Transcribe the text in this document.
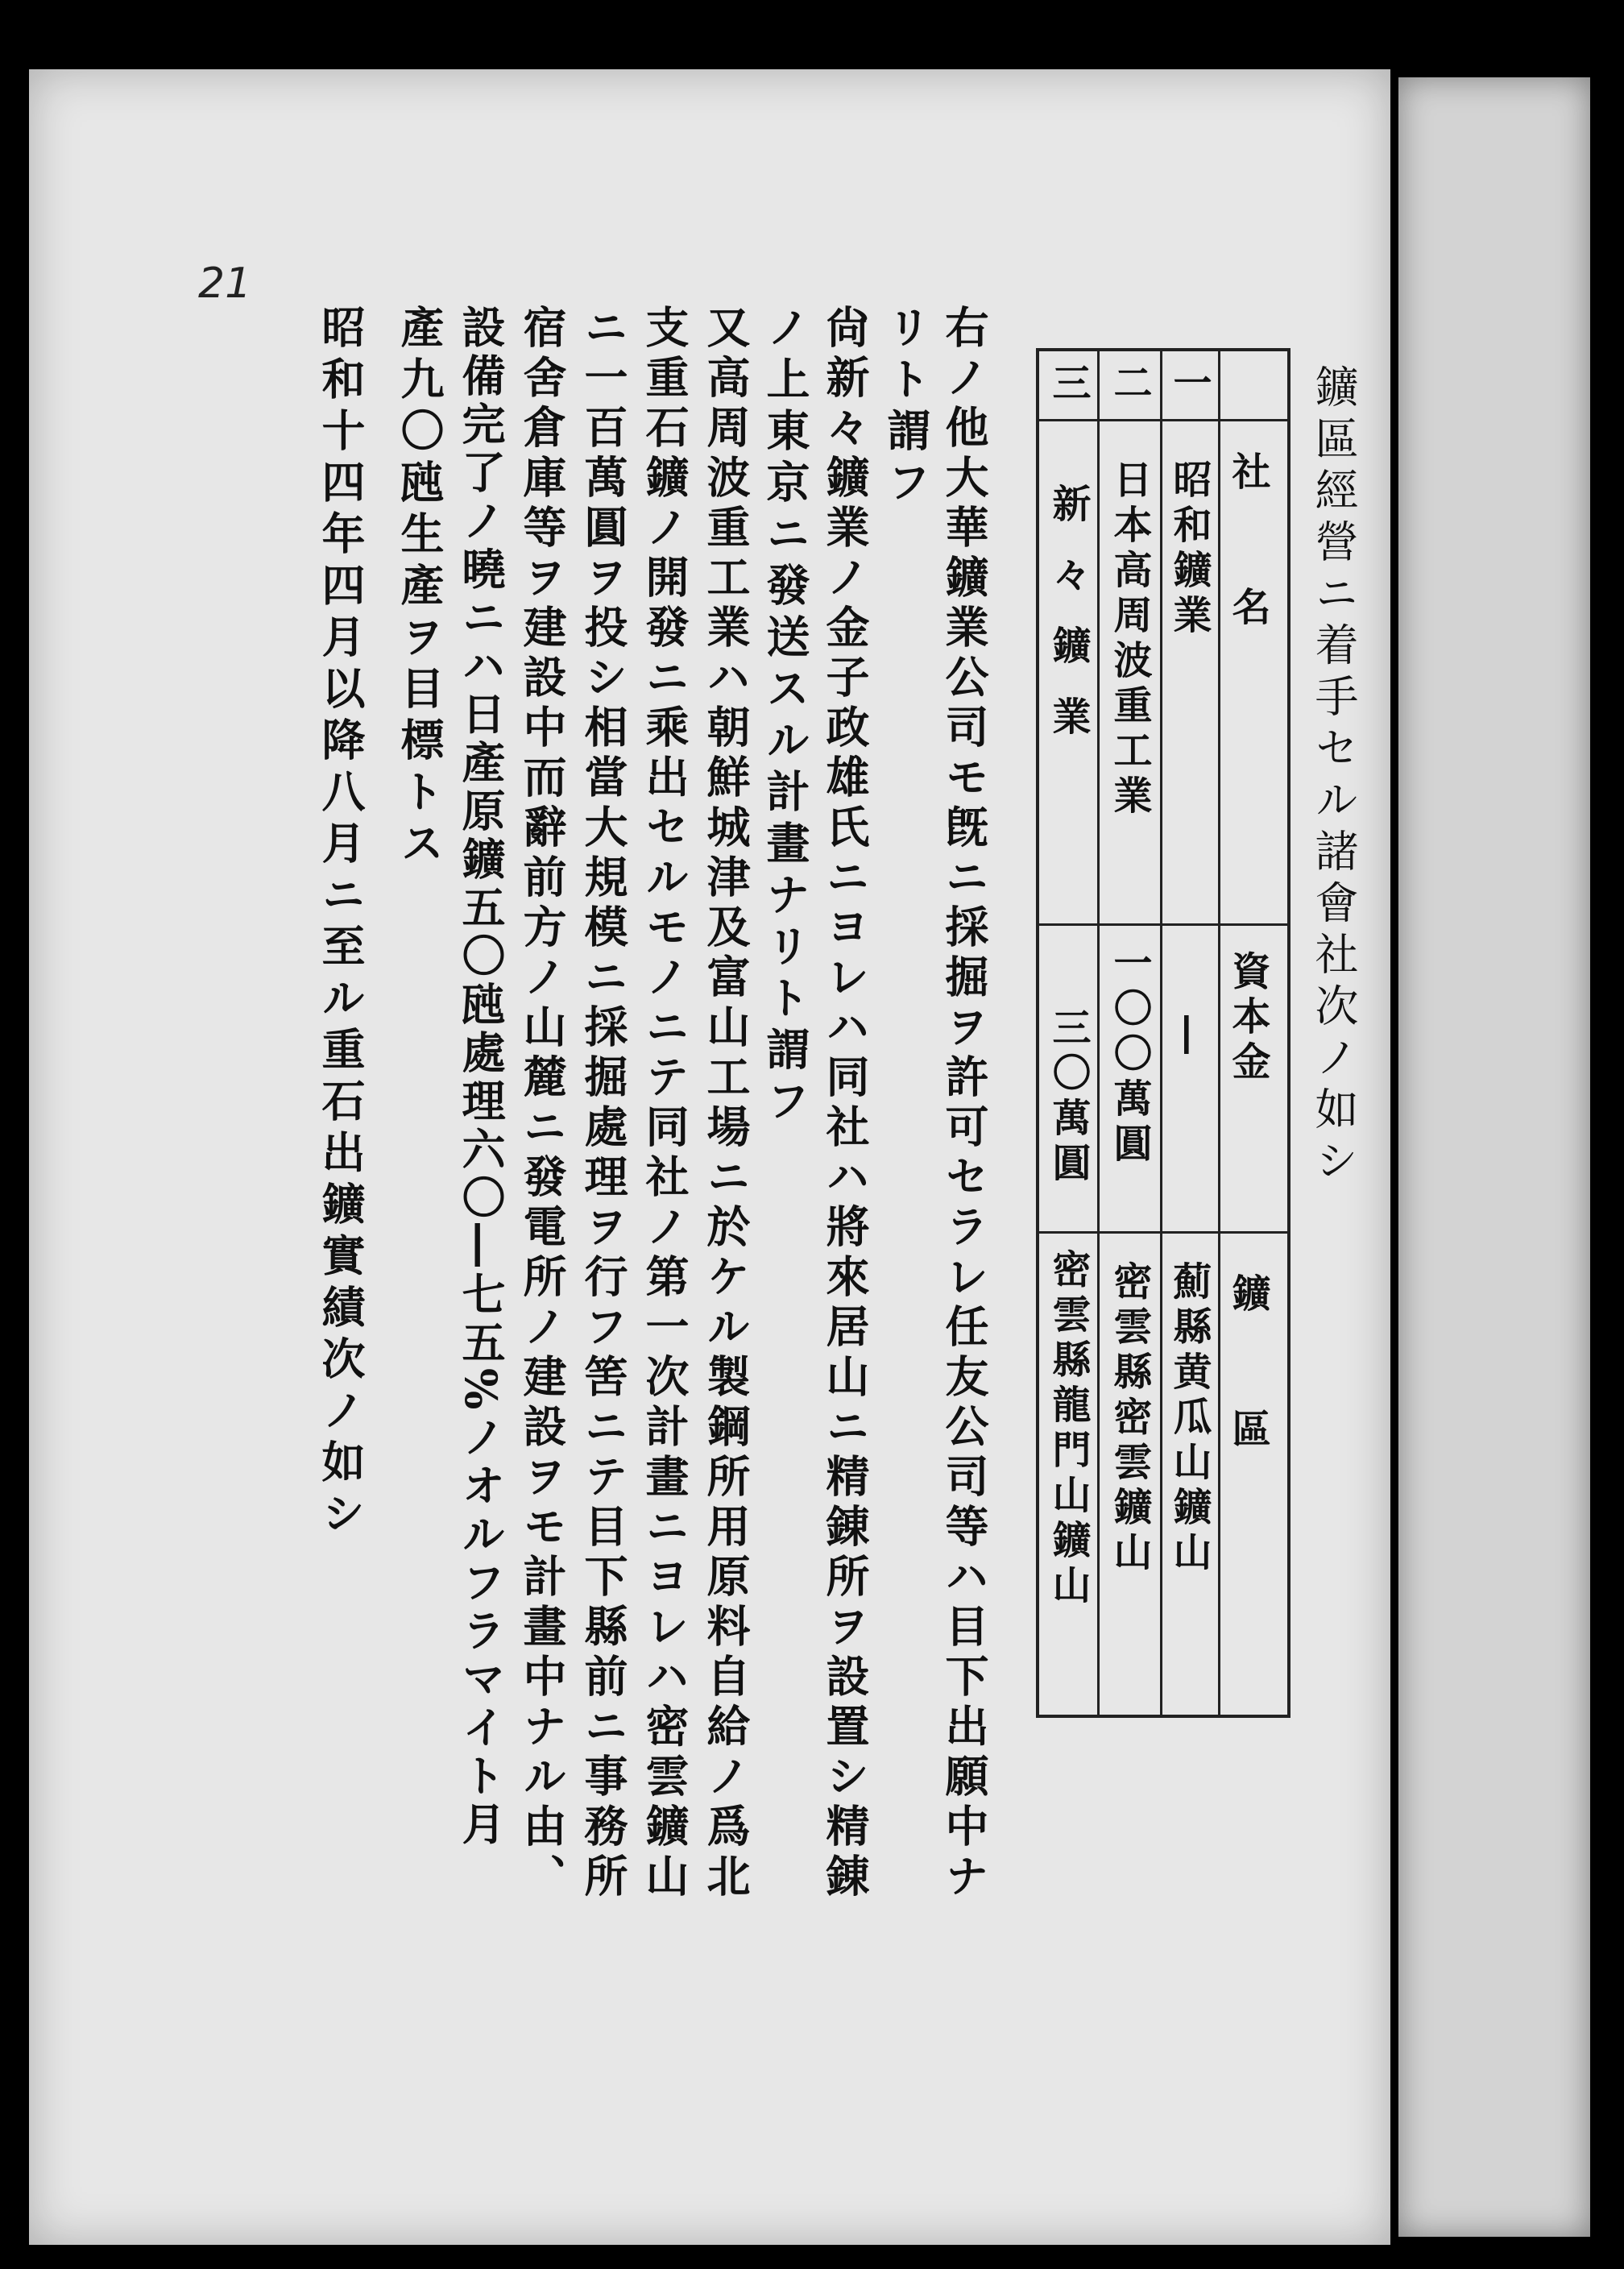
21
鑛區經營ニ着手セル諸會社次ノ如シ
社　　名
資本金
鑛　　區
一
昭和鑛業
―
薊縣黄瓜山鑛山
二
日本高周波重工業
一〇〇萬圓
密雲縣密雲鑛山
三
新々鑛業
三〇萬圓
密雲縣龍門山鑛山
右ノ他大華鑛業公司モ旣ニ採掘ヲ許可セラレ任友公司等ハ目下出願中ナ
リト謂フ
尙新々鑛業ノ金子政雄氏ニヨレハ同社ハ將來居山ニ精錬所ヲ設置シ精錬
ノ上東京ニ發送スル計畫ナリト謂フ
又高周波重工業ハ朝鮮城津及富山工場ニ於ケル製鋼所用原料自給ノ爲北
支重石鑛ノ開發ニ乘出セルモノニテ同社ノ第一次計畫ニヨレハ密雲鑛山
ニ一百萬圓ヲ投シ相當大規模ニ採掘處理ヲ行フ筈ニテ目下縣前ニ事務所
宿舍倉庫等ヲ建設中而辭前方ノ山麓ニ發電所ノ建設ヲモ計畫中ナル由、
設備完了ノ曉ニハ日產原鑛五〇瓲處理六〇―七五%ノオルフラマイト月
產九〇瓲生產ヲ目標トス
昭和十四年四月以降八月ニ至ル重石出鑛實績次ノ如シ
